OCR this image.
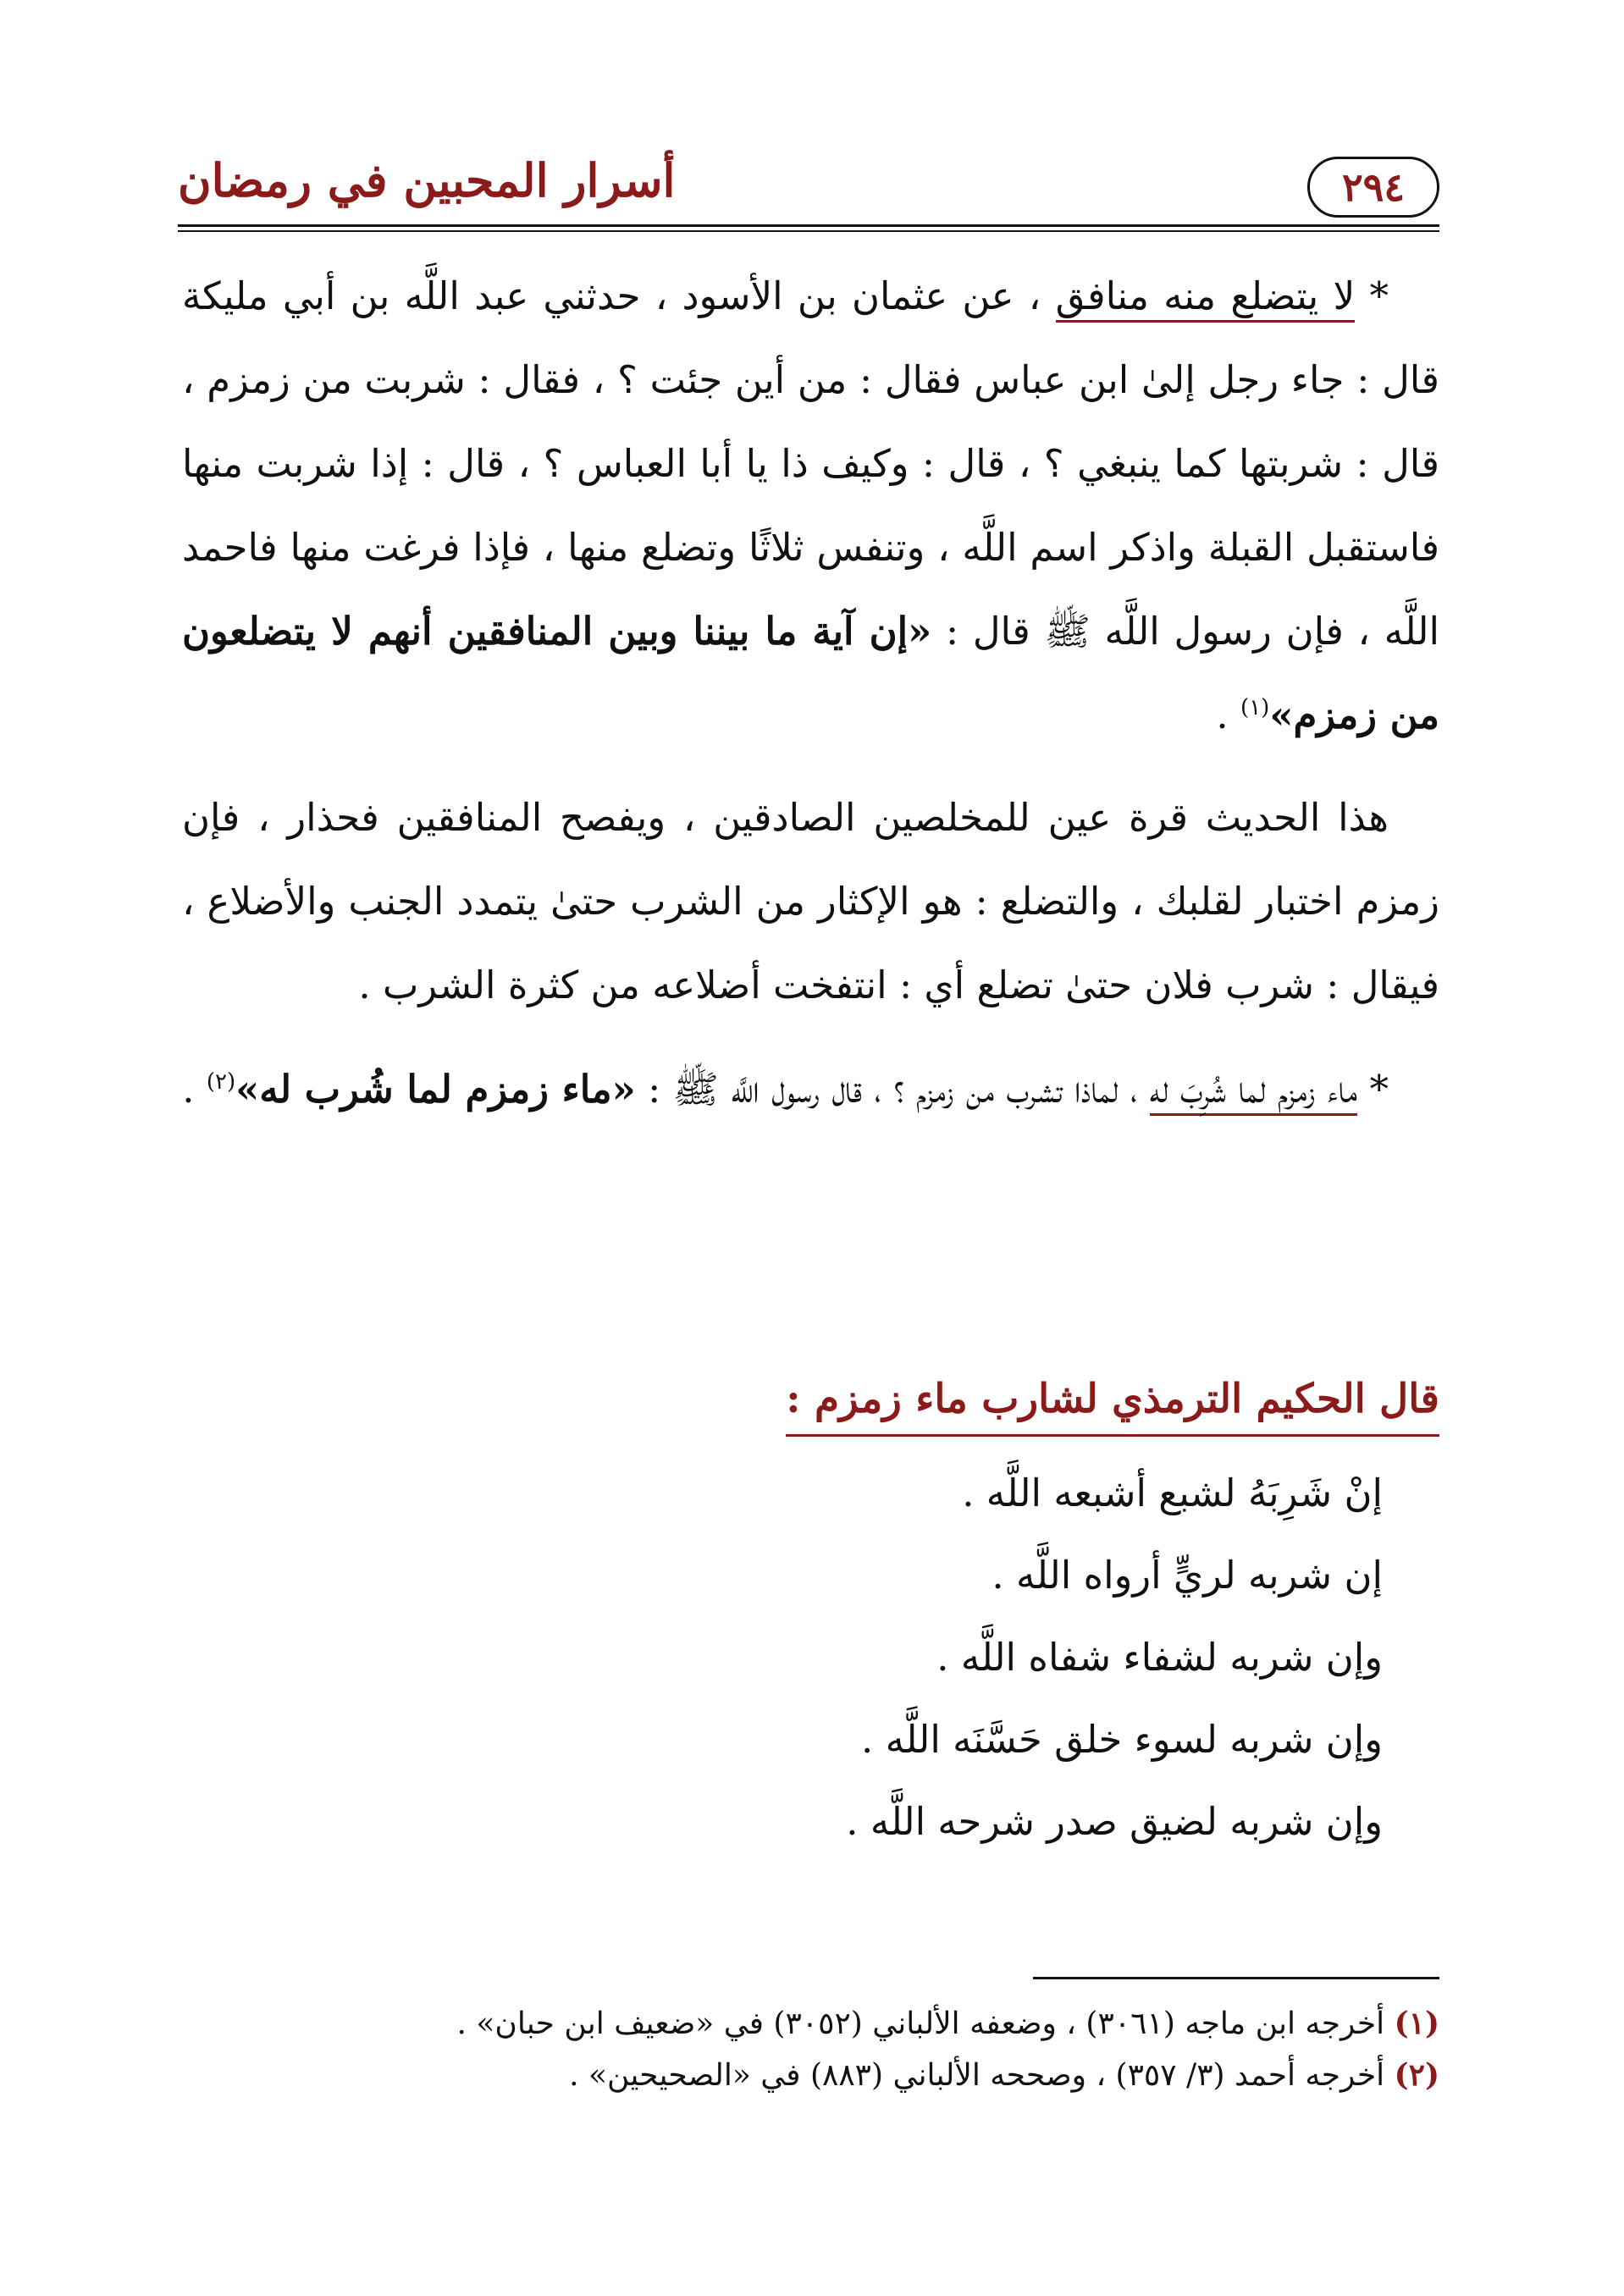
٢٩٤
أسرار المحبين في رمضان

* لا يتضلع منه منافق ، عن عثمان بن الأسود ، حدثني عبد اللَّه بن أبي مليكة قال : جاء رجل إلىٰ ابن عباس فقال : من أين جئت ؟ ، فقال : شربت من زمزم ، قال : شربتها كما ينبغي ؟ ، قال : وكيف ذا يا أبا العباس ؟ ، قال : إذا شربت منها فاستقبل القبلة واذكر اسم اللَّه ، وتنفس ثلاثًا وتضلع منها ، فإذا فرغت منها فاحمد اللَّه ، فإن رسول اللَّه ﷺ قال : «إن آية ما بيننا وبين المنافقين أنهم لا يتضلعون من زمزم»$^{(١)}$ .

هذا الحديث قرة عين للمخلصين الصادقين ، ويفصح المنافقين فحذار ، فإن زمزم اختبار لقلبك ، والتضلع : هو الإكثار من الشرب حتىٰ يتمدد الجنب والأضلاع ، فيقال : شرب فلان حتىٰ تضلع أي : انتفخت أضلاعه من كثرة الشرب .

* ماء زمزم لما شُرِبَ له ، لماذا تشرب من زمزم ؟ ، قال رسول اللَّه ﷺ : «ماء زمزم لما شُرب له»$^{(٢)}$ .

قال الحكيم الترمذي لشارب ماء زمزم :
إنْ شَرِبَهُ لشبع أشبعه اللَّه .
إن شربه لريٍّ أرواه اللَّه .
وإن شربه لشفاء شفاه اللَّه .
وإن شربه لسوء خلق حَسَّنَه اللَّه .
وإن شربه لضيق صدر شرحه اللَّه .
(١) أخرجه ابن ماجه (٣٠٦١) ، وضعفه الألباني (٣٠٥٢) في «ضعيف ابن حبان» .
(٢) أخرجه أحمد (٣/ ٣٥٧) ، وصححه الألباني (٨٨٣) في «الصحيحين» .
